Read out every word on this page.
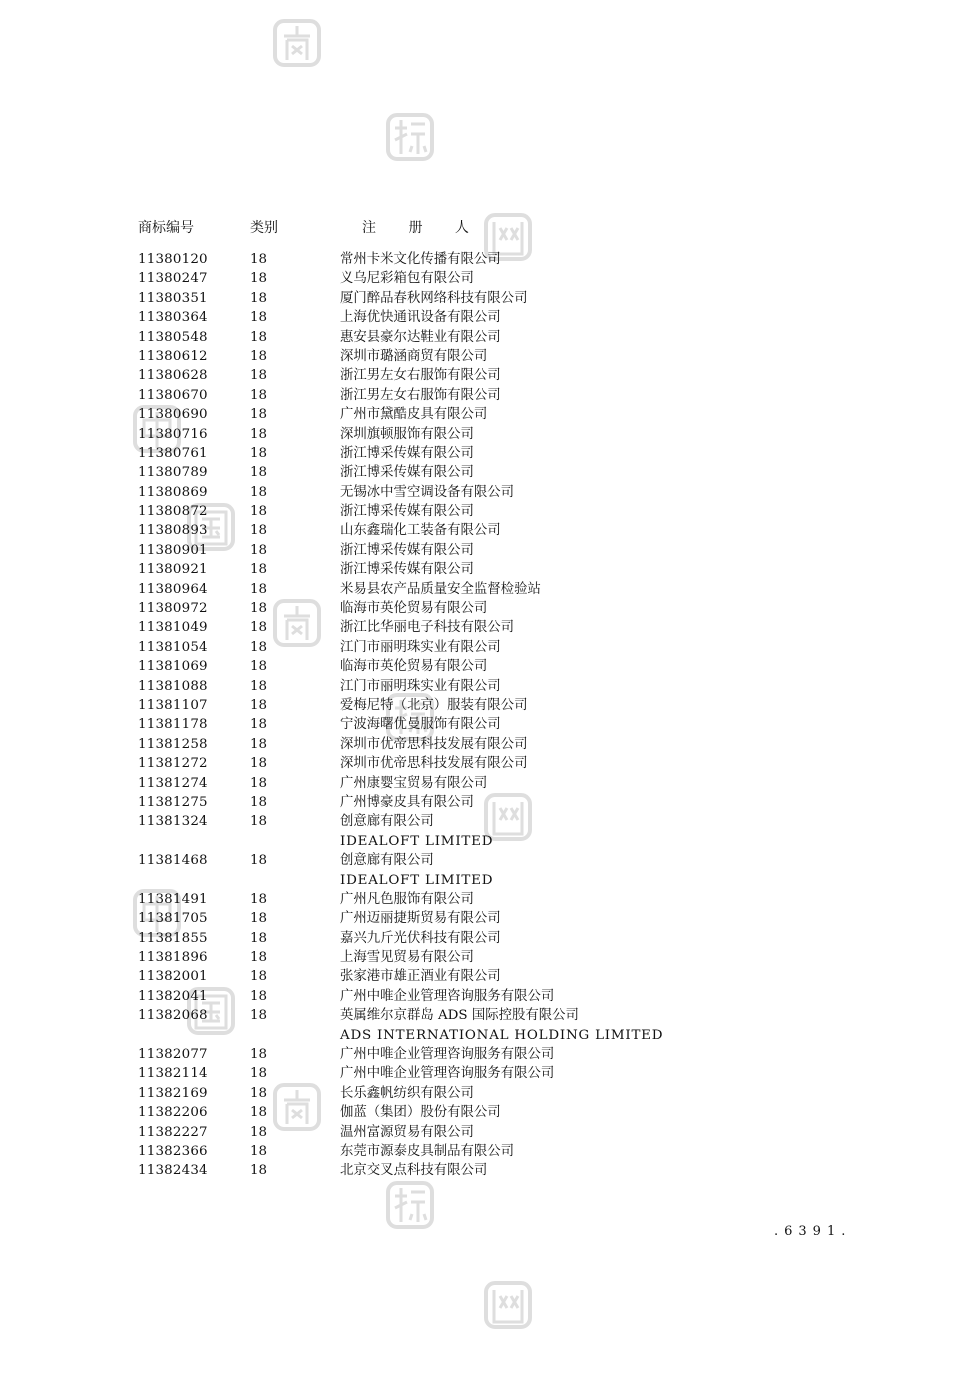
商标编号	类别	注 册 人
11380120	18	常州卡米文化传播有限公司
11380247	18	义乌尼彩箱包有限公司
11380351	18	厦门醉品春秋网络科技有限公司
11380364	18	上海优快通讯设备有限公司
11380548	18	惠安县豪尔达鞋业有限公司
11380612	18	深圳市璐涵商贸有限公司
11380628	18	浙江男左女右服饰有限公司
11380670	18	浙江男左女右服饰有限公司
11380690	18	广州市黛酷皮具有限公司
11380716	18	深圳旗顿服饰有限公司
11380761	18	浙江博采传媒有限公司
11380789	18	浙江博采传媒有限公司
11380869	18	无锡冰中雪空调设备有限公司
11380872	18	浙江博采传媒有限公司
11380893	18	山东鑫瑞化工装备有限公司
11380901	18	浙江博采传媒有限公司
11380921	18	浙江博采传媒有限公司
11380964	18	米易县农产品质量安全监督检验站
11380972	18	临海市英伦贸易有限公司
11381049	18	浙江比华丽电子科技有限公司
11381054	18	江门市丽明珠实业有限公司
11381069	18	临海市英伦贸易有限公司
11381088	18	江门市丽明珠实业有限公司
11381107	18	爱梅尼特（北京）服装有限公司
11381178	18	宁波海曙优曼服饰有限公司
11381258	18	深圳市优帝思科技发展有限公司
11381272	18	深圳市优帝思科技发展有限公司
11381274	18	广州康婴宝贸易有限公司
11381275	18	广州博豪皮具有限公司
11381324	18	创意廊有限公司
IDEALOFT LIMITED
11381468	18	创意廊有限公司
IDEALOFT LIMITED
11381491	18	广州凡色服饰有限公司
11381705	18	广州迈丽捷斯贸易有限公司
11381855	18	嘉兴九斤光伏科技有限公司
11381896	18	上海雪见贸易有限公司
11382001	18	张家港市雄正酒业有限公司
11382041	18	广州中唯企业管理咨询服务有限公司
11382068	18	英属维尔京群岛 ADS 国际控股有限公司
ADS INTERNATIONAL HOLDING LIMITED
11382077	18	广州中唯企业管理咨询服务有限公司
11382114	18	广州中唯企业管理咨询服务有限公司
11382169	18	长乐鑫帆纺织有限公司
11382206	18	伽蓝（集团）股份有限公司
11382227	18	温州富源贸易有限公司
11382366	18	东莞市源泰皮具制品有限公司
11382434	18	北京交叉点科技有限公司
.6391.
